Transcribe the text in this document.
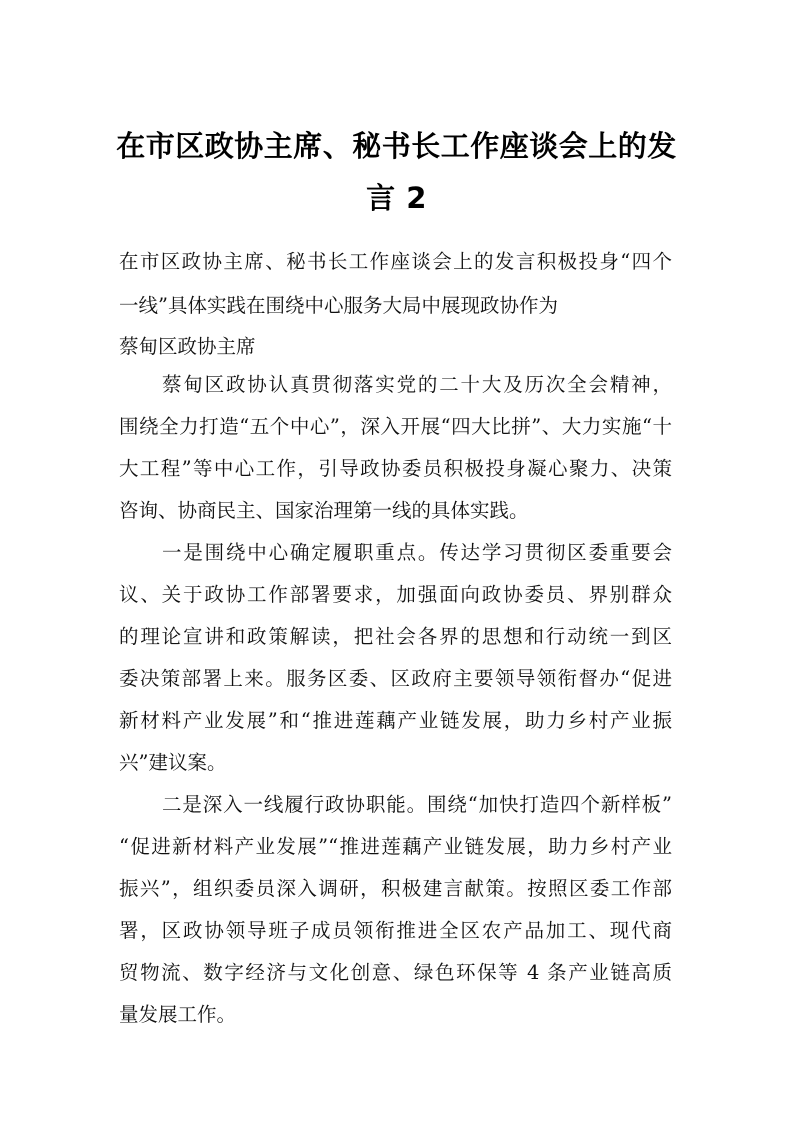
在市区政协主席、秘书长工作座谈会上的发
言 2
在市区政协主席、秘书长工作座谈会上的发言积极投身“四个
一线”具体实践在围绕中心服务大局中展现政协作为
蔡甸区政协主席
蔡甸区政协认真贯彻落实党的二十大及历次全会精神，
围绕全力打造“五个中心”，深入开展“四大比拼”、大力实施“十
大工程”等中心工作，引导政协委员积极投身凝心聚力、决策
咨询、协商民主、国家治理第一线的具体实践。
一是围绕中心确定履职重点。传达学习贯彻区委重要会
议、关于政协工作部署要求，加强面向政协委员、界别群众
的理论宣讲和政策解读，把社会各界的思想和行动统一到区
委决策部署上来。服务区委、区政府主要领导领衔督办“促进
新材料产业发展”和“推进莲藕产业链发展，助力乡村产业振
兴”建议案。
二是深入一线履行政协职能。围绕“加快打造四个新样板”
“促进新材料产业发展”“推进莲藕产业链发展，助力乡村产业
振兴”，组织委员深入调研，积极建言献策。按照区委工作部
署，区政协领导班子成员领衔推进全区农产品加工、现代商
贸物流、数字经济与文化创意、绿色环保等 4 条产业链高质
量发展工作。
